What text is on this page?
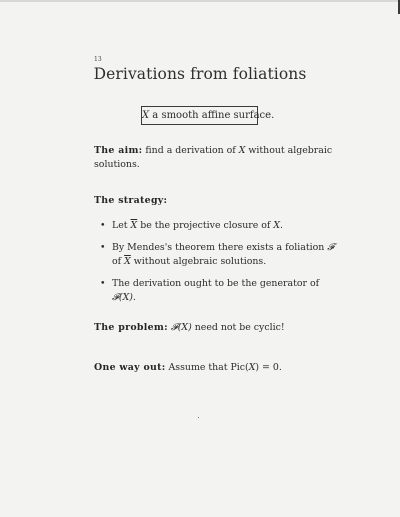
13
Derivations from foliations
X a smooth affine surface.
The aim: find a derivation of X without algebraic solutions.
The strategy:
• Let $\overline{X}$ be the projective closure of X.
• By Mendes's theorem there exists a foliation 𝓕 of $\overline{X}$ without algebraic solutions.
• The derivation ought to be the generator of 𝓕(X).
The problem: 𝓕(X) need not be cyclic!
One way out: Assume that Pic(X) = 0.
